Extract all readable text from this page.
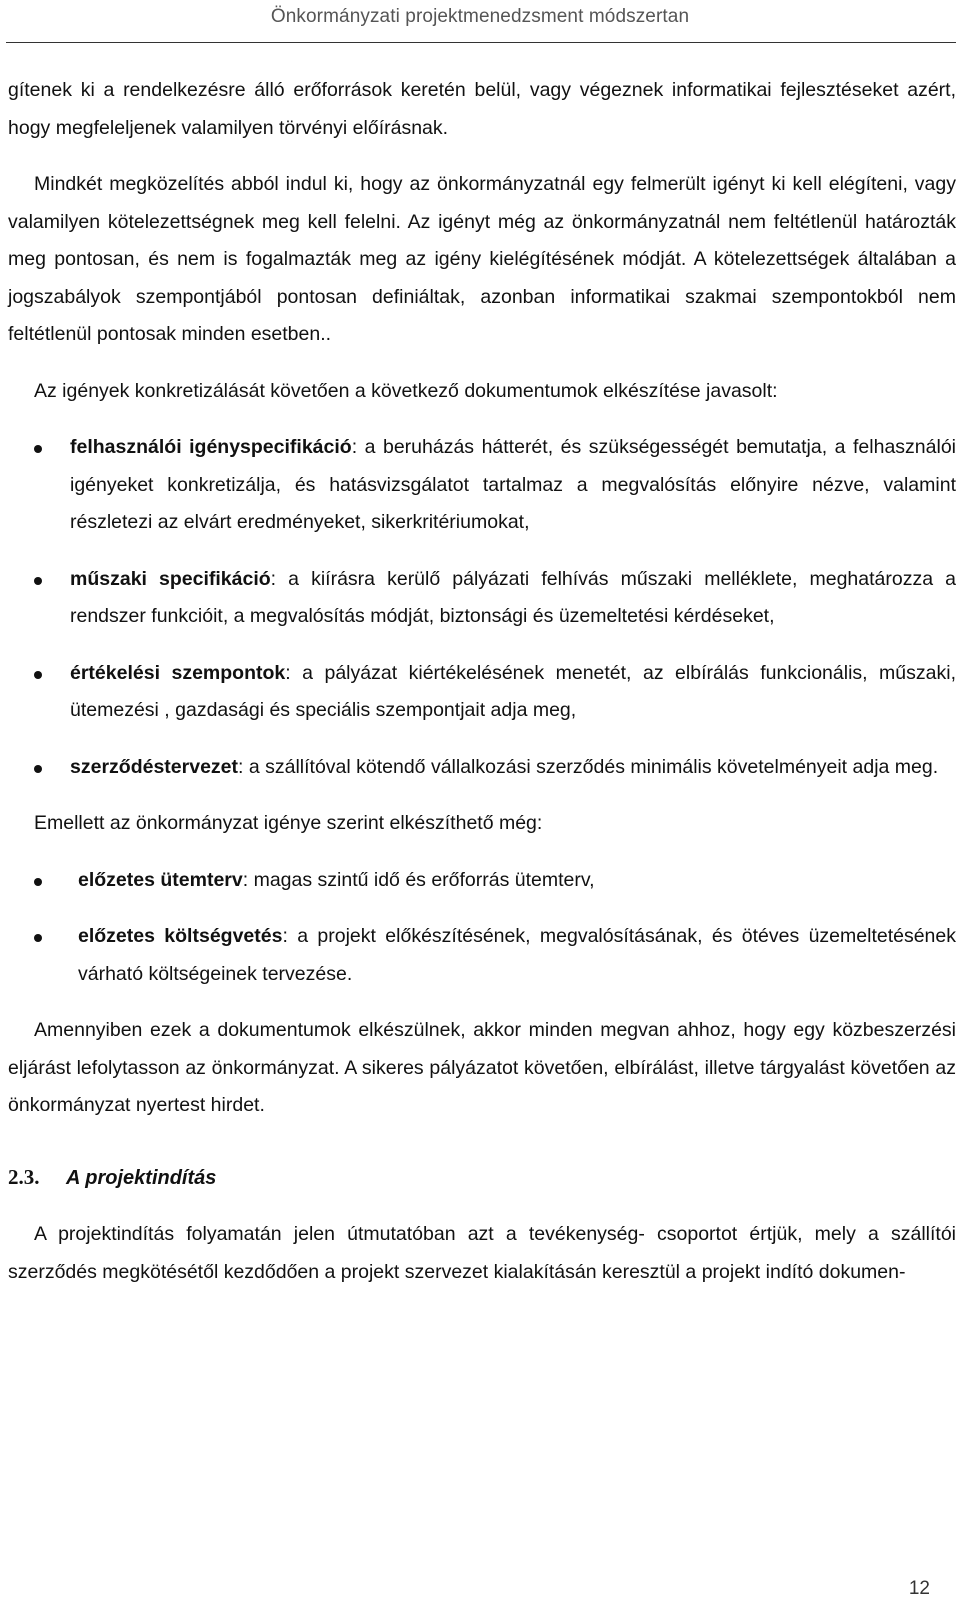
Önkormányzati projektmenedzsment módszertan

gítenek ki a rendelkezésre álló erőforrások keretén belül, vagy végeznek informatikai fejlesztéseket azért, hogy megfeleljenek valamilyen törvényi előírásnak.

Mindkét megközelítés abból indul ki, hogy az önkormányzatnál egy felmerült igényt ki kell elégíteni, vagy valamilyen kötelezettségnek meg kell felelni. Az igényt még az önkormányzatnál nem feltétlenül határozták meg pontosan, és nem is fogalmazták meg az igény kielégítésének módját. A kötelezettségek általában a jogszabályok szempontjából pontosan definiáltak, azonban informatikai szakmai szempontokból nem feltétlenül pontosak minden esetben..

Az igények konkretizálását követően a következő dokumentumok elkészítése javasolt:

felhasználói igényspecifikáció: a beruházás hátterét, és szükségességét bemutatja, a felhasználói igényeket konkretizálja, és hatásvizsgálatot tartalmaz a megvalósítás előnyire nézve, valamint részletezi az elvárt eredményeket, sikerkritériumokat,
műszaki specifikáció: a kiírásra kerülő pályázati felhívás műszaki melléklete, meghatározza a rendszer funkcióit, a megvalósítás módját, biztonsági és üzemeltetési kérdéseket,
értékelési szempontok: a pályázat kiértékelésének menetét, az elbírálás funkcionális, műszaki, ütemezési , gazdasági és speciális szempontjait adja meg,
szerződéstervezet: a szállítóval kötendő vállalkozási szerződés minimális követelményeit adja meg.

Emellett az önkormányzat igénye szerint elkészíthető még:

előzetes ütemterv: magas szintű idő és erőforrás ütemterv,
előzetes költségvetés: a projekt előkészítésének, megvalósításának, és ötéves üzemeltetésének várható költségeinek tervezése.

Amennyiben ezek a dokumentumok elkészülnek, akkor minden megvan ahhoz, hogy egy közbeszerzési eljárást lefolytasson az önkormányzat. A sikeres pályázatot követően, elbírálást, illetve tárgyalást követően az önkormányzat nyertest hirdet.

2.3. A projektindítás

A projektindítás folyamatán jelen útmutatóban azt a tevékenység- csoportot értjük, mely a szállítói szerződés megkötésétől kezdődően a projekt szervezet kialakításán keresztül a projekt indító dokumen-

12
